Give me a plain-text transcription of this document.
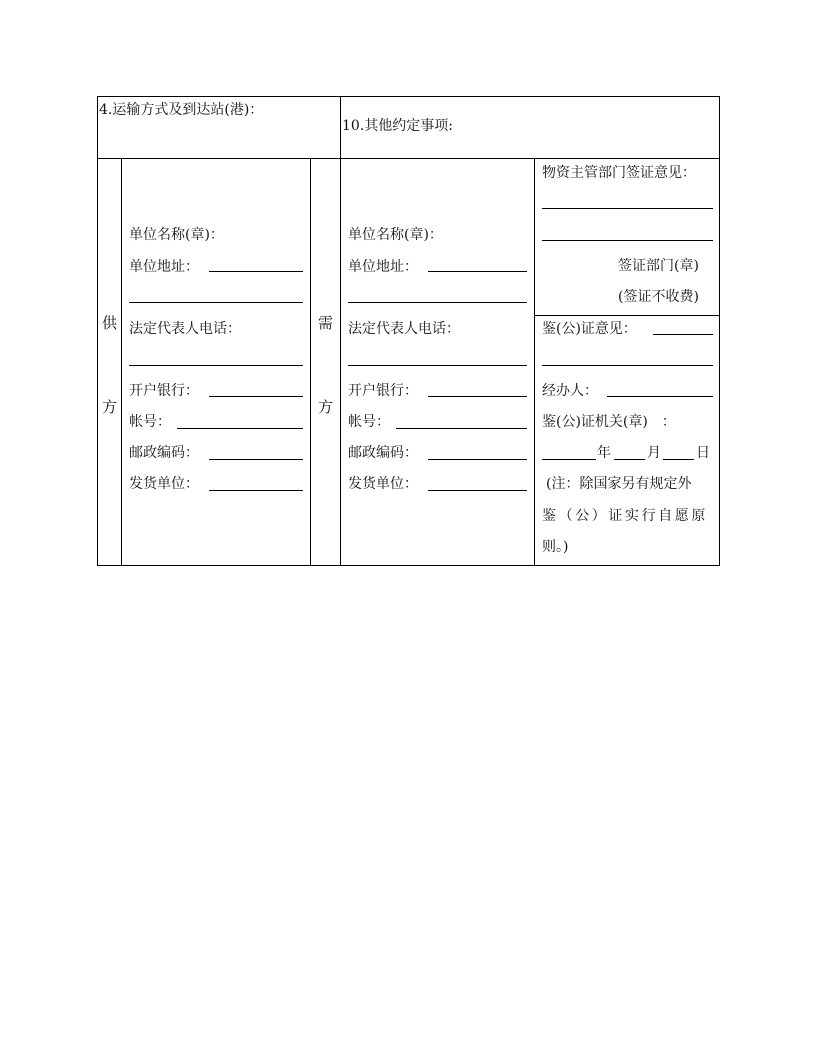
4.运输方式及到达站(港)：
10.其他约定事项:
供
方
单位名称(章)：
单位地址：
法定代表人电话：
开户银行：
帐号：
邮政编码：
发货单位：
需
方
单位名称(章)：
单位地址：
法定代表人电话：
开户银行：
帐号：
邮政编码：
发货单位：
物资主管部门签证意见：
签证部门(章)
(签证不收费)
鉴(公)证意见：
经办人：
鉴(公)证机关(章)　：
年	月	日
(注：除国家另有规定外
鉴（公）证实行自愿原
则。)
